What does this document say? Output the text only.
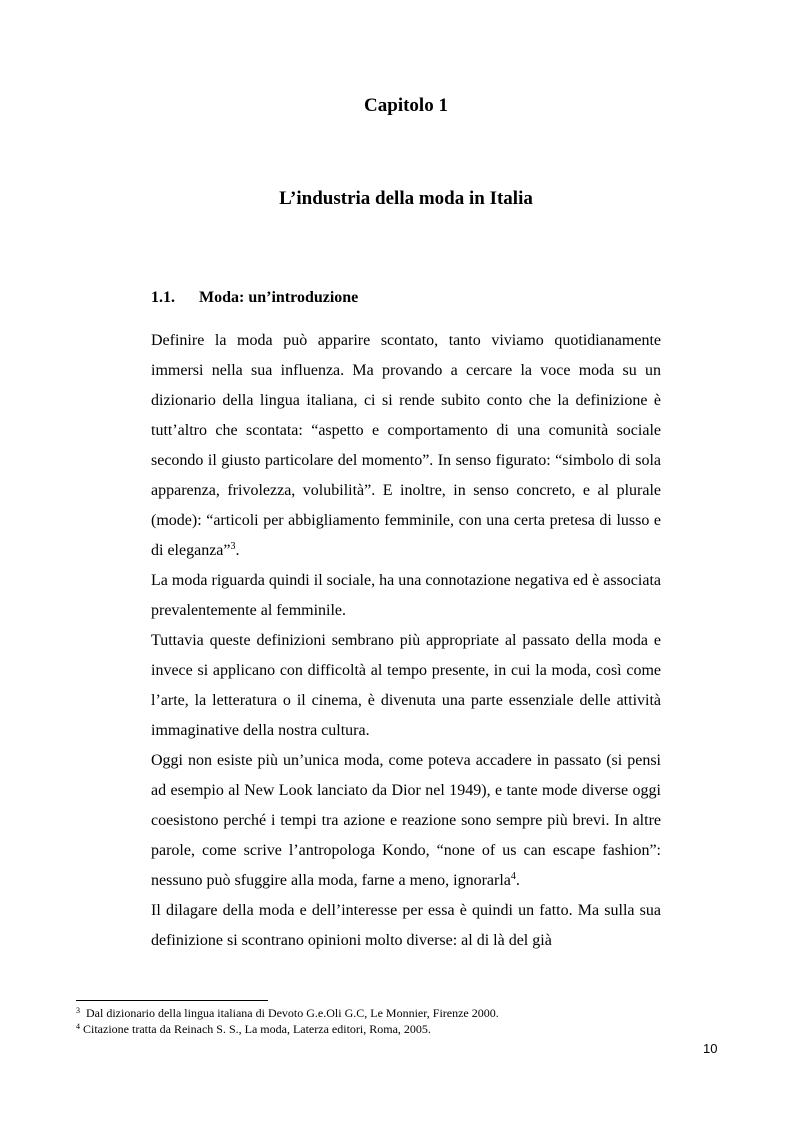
Capitolo 1
L’industria della moda in Italia
1.1. Moda: un’introduzione

Definire la moda può apparire scontato, tanto viviamo quotidianamente immersi nella sua influenza. Ma provando a cercare la voce moda su un dizionario della lingua italiana, ci si rende subito conto che la definizione è tutt’altro che scontata: “aspetto e comportamento di una comunità sociale secondo il giusto particolare del momento”. In senso figurato: “simbolo di sola apparenza, frivolezza, volubilità”. E inoltre, in senso concreto, e al plurale (mode): “articoli per abbigliamento femminile, con una certa pretesa di lusso e di eleganza”$^3$.

La moda riguarda quindi il sociale, ha una connotazione negativa ed è associata prevalentemente al femminile.

Tuttavia queste definizioni sembrano più appropriate al passato della moda e invece si applicano con difficoltà al tempo presente, in cui la moda, così come l’arte, la letteratura o il cinema, è divenuta una parte essenziale delle attività immaginative della nostra cultura.

Oggi non esiste più un’unica moda, come poteva accadere in passato (si pensi ad esempio al New Look lanciato da Dior nel 1949), e tante mode diverse oggi coesistono perché i tempi tra azione e reazione sono sempre più brevi. In altre parole, come scrive l’antropologa Kondo, “none of us can escape fashion”: nessuno può sfuggire alla moda, farne a meno, ignorarla$^4$.

Il dilagare della moda e dell’interesse per essa è quindi un fatto. Ma sulla sua definizione si scontrano opinioni molto diverse: al di là del già

$^3$ Dal dizionario della lingua italiana di Devoto G.e.Oli G.C, Le Monnier, Firenze 2000.
$^4$ Citazione tratta da Reinach S. S., La moda, Laterza editori, Roma, 2005.
10
